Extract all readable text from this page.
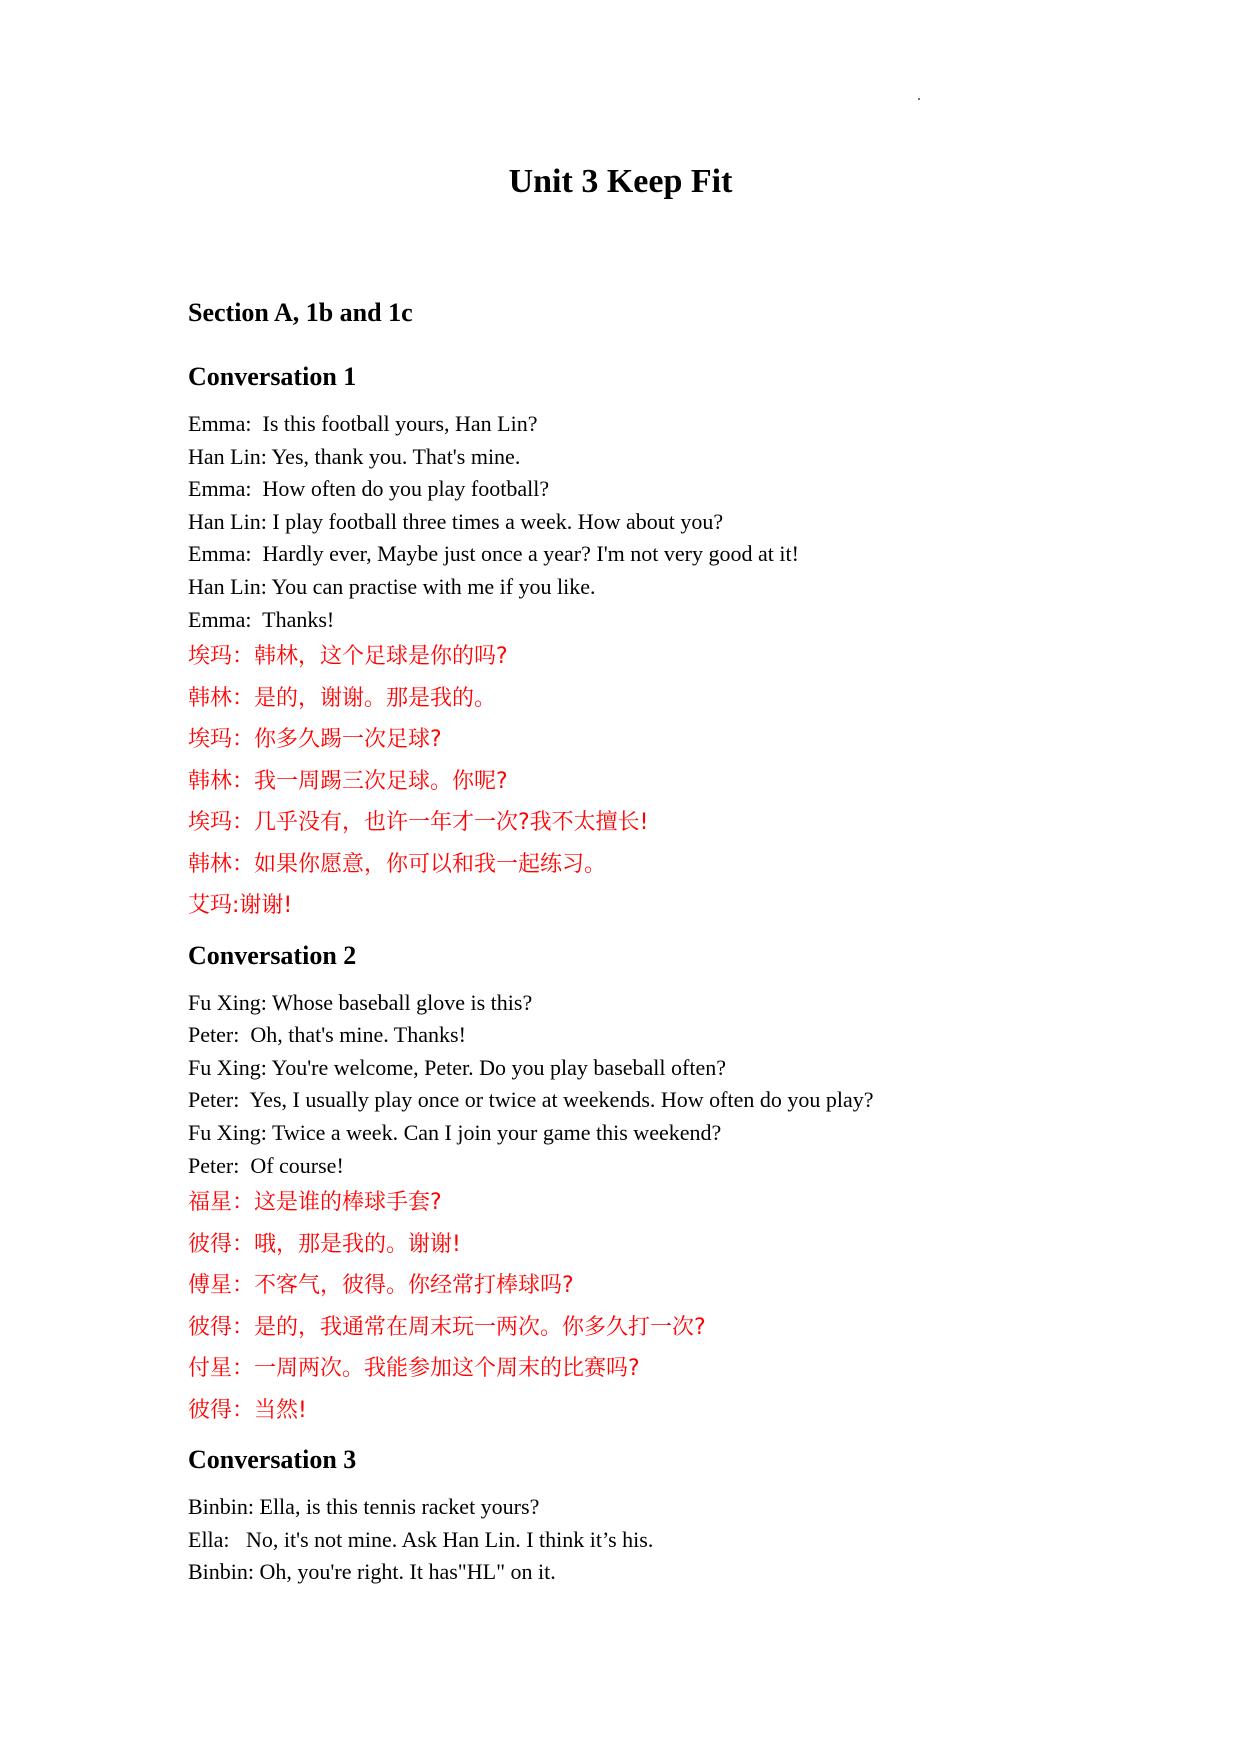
Unit 3 Keep Fit
Section A, 1b and 1c
Conversation 1
Emma:  Is this football yours, Han Lin?
Han Lin: Yes, thank you. That's mine.
Emma:  How often do you play football?
Han Lin: I play football three times a week. How about you?
Emma:  Hardly ever, Maybe just once a year? I'm not very good at it!
Han Lin: You can practise with me if you like.
Emma:  Thanks!
埃玛：韩林，这个足球是你的吗?
韩林：是的，谢谢。那是我的。
埃玛：你多久踢一次足球?
韩林：我一周踢三次足球。你呢?
埃玛：几乎没有，也许一年才一次?我不太擅长!
韩林：如果你愿意，你可以和我一起练习。
艾玛:谢谢!
Conversation 2
Fu Xing: Whose baseball glove is this?
Peter:  Oh, that's mine. Thanks!
Fu Xing: You're welcome, Peter. Do you play baseball often?
Peter:  Yes, I usually play once or twice at weekends. How often do you play?
Fu Xing: Twice a week. Can I join your game this weekend?
Peter:  Of course!
福星：这是谁的棒球手套?
彼得：哦，那是我的。谢谢!
傅星：不客气，彼得。你经常打棒球吗?
彼得：是的，我通常在周末玩一两次。你多久打一次?
付星：一周两次。我能参加这个周末的比赛吗?
彼得：当然!
Conversation 3
Binbin: Ella, is this tennis racket yours?
Ella:   No, it's not mine. Ask Han Lin. I think it’s his.
Binbin: Oh, you're right. It has"HL" on it.
